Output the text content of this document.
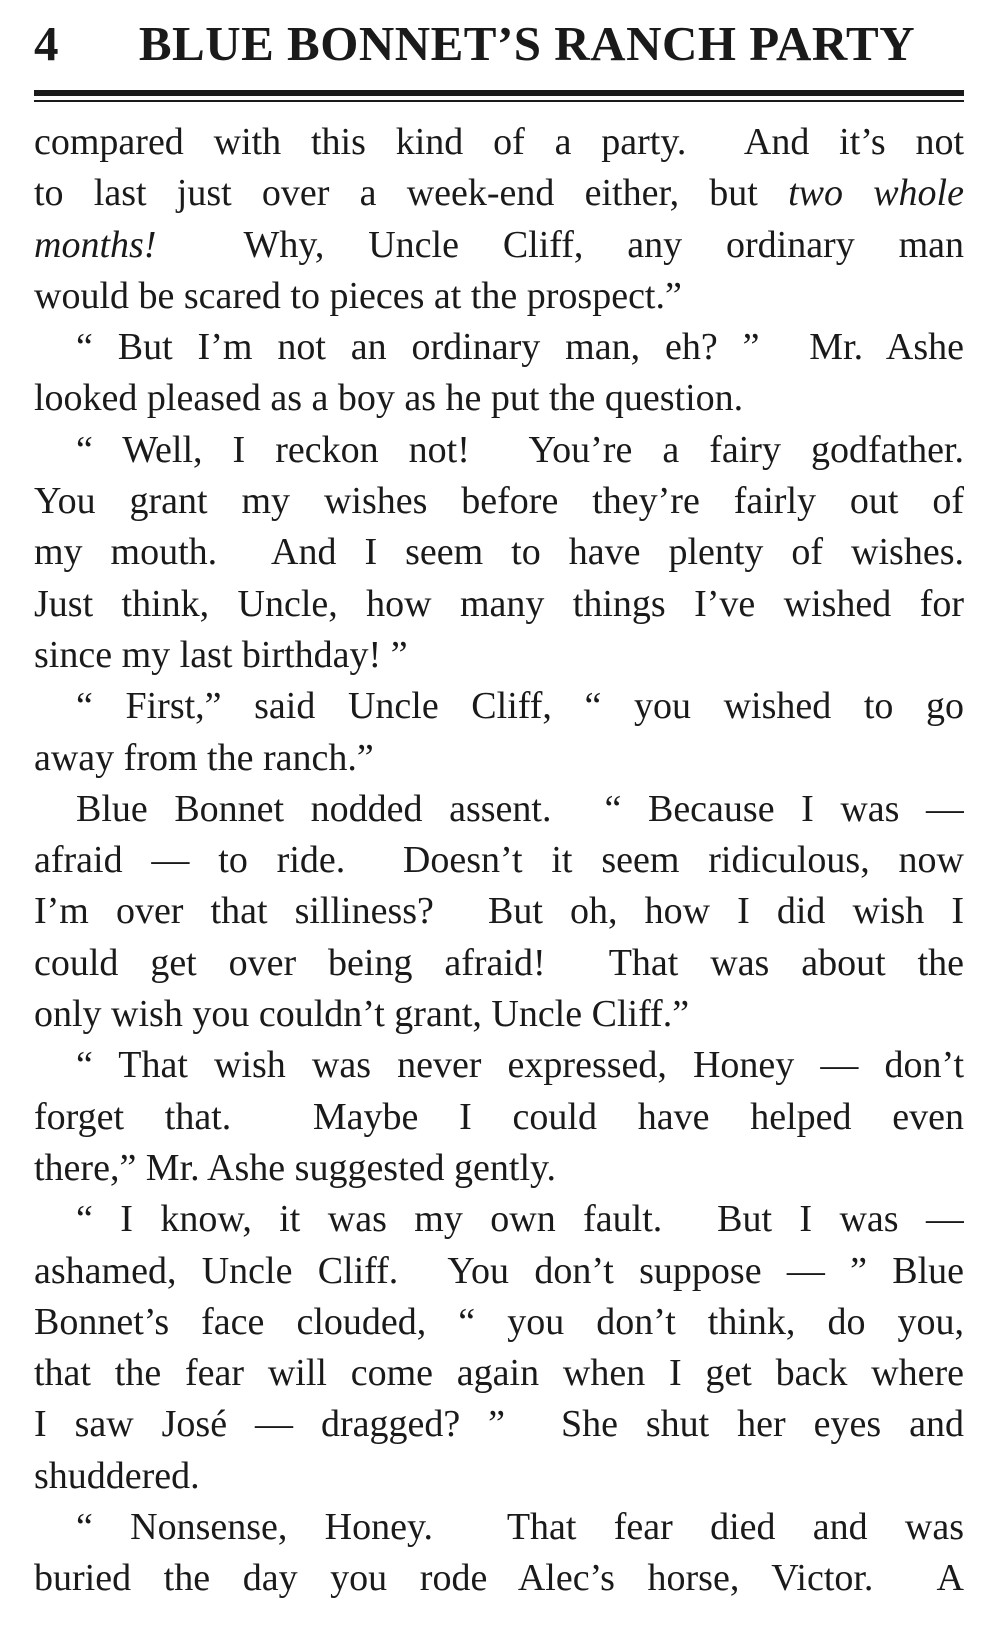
4	BLUE BONNET’S RANCH PARTY
compared with this kind of a party.  And it’s not
to last just over a week-end either, but two whole
months!  Why, Uncle Cliff, any ordinary man
would be scared to pieces at the prospect.”
“ But I’m not an ordinary man, eh? ”  Mr. Ashe
looked pleased as a boy as he put the question.
“ Well, I reckon not!  You’re a fairy godfather.
You grant my wishes before they’re fairly out of
my mouth.  And I seem to have plenty of wishes.
Just think, Uncle, how many things I’ve wished for
since my last birthday! ”
“ First,” said Uncle Cliff, “ you wished to go
away from the ranch.”
Blue Bonnet nodded assent.  “ Because I was —
afraid — to ride.  Doesn’t it seem ridiculous, now
I’m over that silliness?  But oh, how I did wish I
could get over being afraid!  That was about the
only wish you couldn’t grant, Uncle Cliff.”
“ That wish was never expressed, Honey — don’t
forget that.  Maybe I could have helped even
there,” Mr. Ashe suggested gently.
“ I know, it was my own fault.  But I was —
ashamed, Uncle Cliff.  You don’t suppose — ” Blue
Bonnet’s face clouded, “ you don’t think, do you,
that the fear will come again when I get back where
I saw José — dragged? ”  She shut her eyes and
shuddered.
“ Nonsense, Honey.  That fear died and was
buried the day you rode Alec’s horse, Victor.  A
